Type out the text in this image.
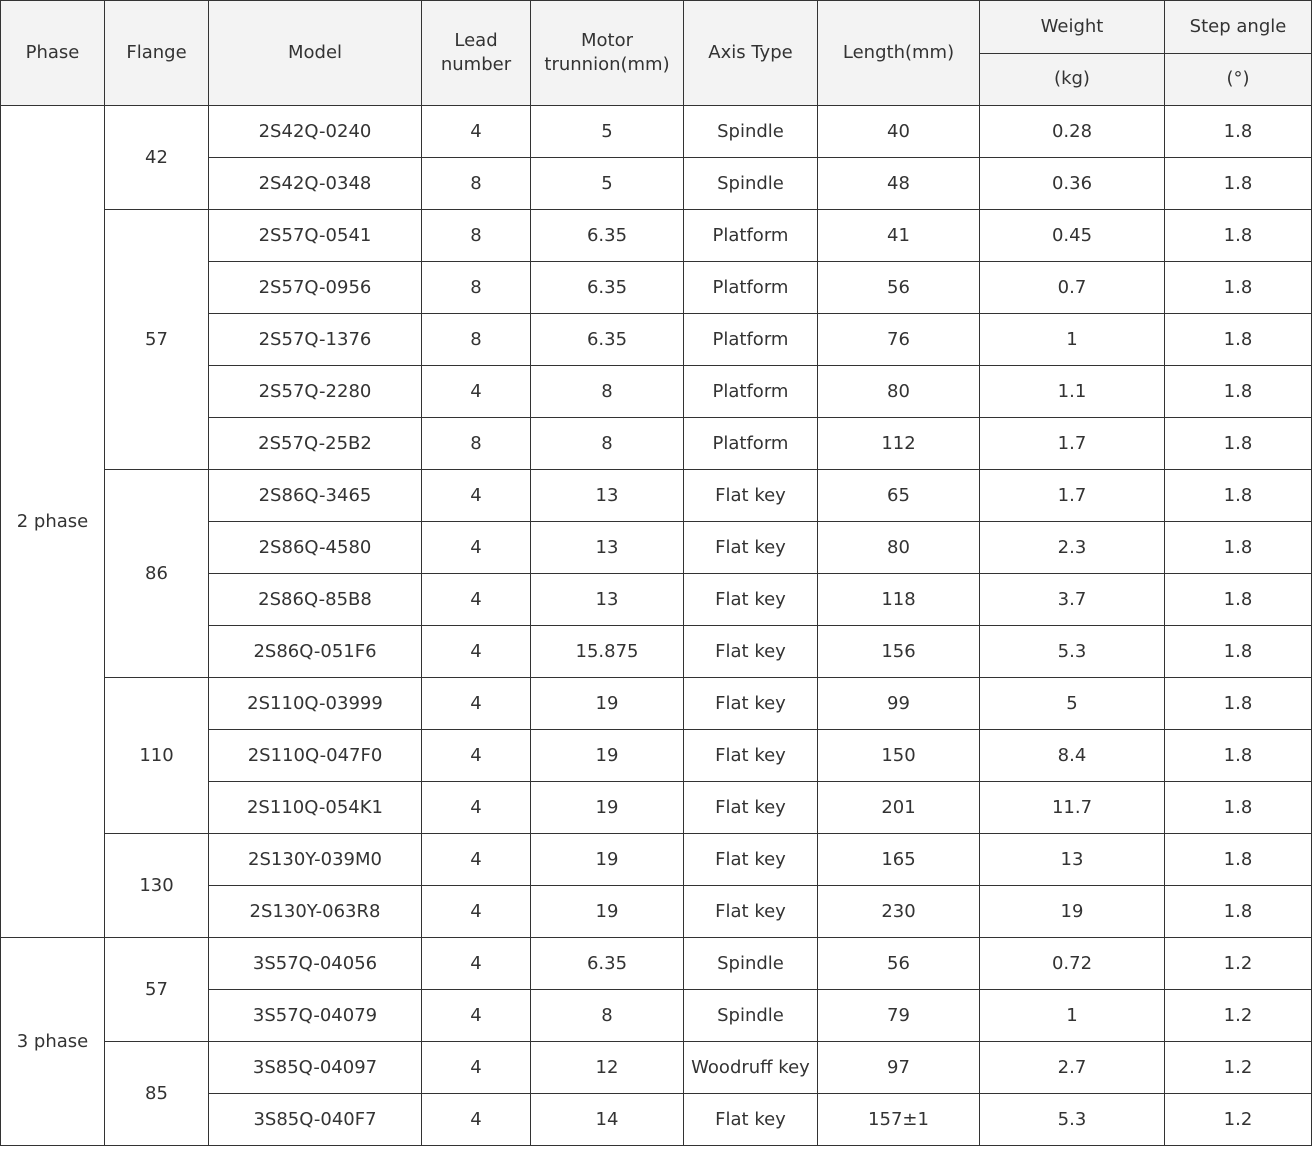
Phase	Flange	Model	Lead number	Motor trunnion(mm)	Axis Type	Length(mm)	Weight	Step angle
							(kg)	(°)
2 phase	42	2S42Q-0240	4	5	Spindle	40	0.28	1.8
		2S42Q-0348	8	5	Spindle	48	0.36	1.8
	57	2S57Q-0541	8	6.35	Platform	41	0.45	1.8
		2S57Q-0956	8	6.35	Platform	56	0.7	1.8
		2S57Q-1376	8	6.35	Platform	76	1	1.8
		2S57Q-2280	4	8	Platform	80	1.1	1.8
		2S57Q-25B2	8	8	Platform	112	1.7	1.8
	86	2S86Q-3465	4	13	Flat key	65	1.7	1.8
		2S86Q-4580	4	13	Flat key	80	2.3	1.8
		2S86Q-85B8	4	13	Flat key	118	3.7	1.8
		2S86Q-051F6	4	15.875	Flat key	156	5.3	1.8
	110	2S110Q-03999	4	19	Flat key	99	5	1.8
		2S110Q-047F0	4	19	Flat key	150	8.4	1.8
		2S110Q-054K1	4	19	Flat key	201	11.7	1.8
	130	2S130Y-039M0	4	19	Flat key	165	13	1.8
		2S130Y-063R8	4	19	Flat key	230	19	1.8
3 phase	57	3S57Q-04056	4	6.35	Spindle	56	0.72	1.2
		3S57Q-04079	4	8	Spindle	79	1	1.2
	85	3S85Q-04097	4	12	Woodruff key	97	2.7	1.2
		3S85Q-040F7	4	14	Flat key	157±1	5.3	1.2
